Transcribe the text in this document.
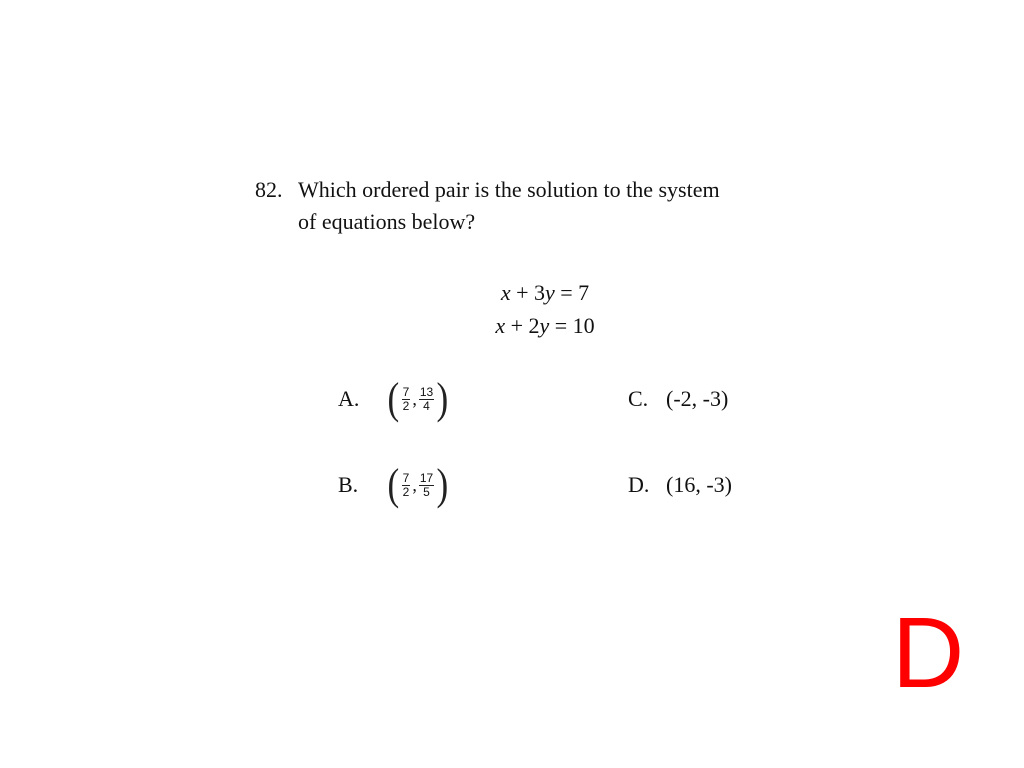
82. Which ordered pair is the solution to the system
of equations below?
x + 3y = 7
x + 2y = 10
A. ( $\frac{7}{2}$ , $\frac{13}{4}$ )
B. ( $\frac{7}{2}$ , $\frac{17}{5}$ )
C. (-2, -3)
D. (16, -3)
D
